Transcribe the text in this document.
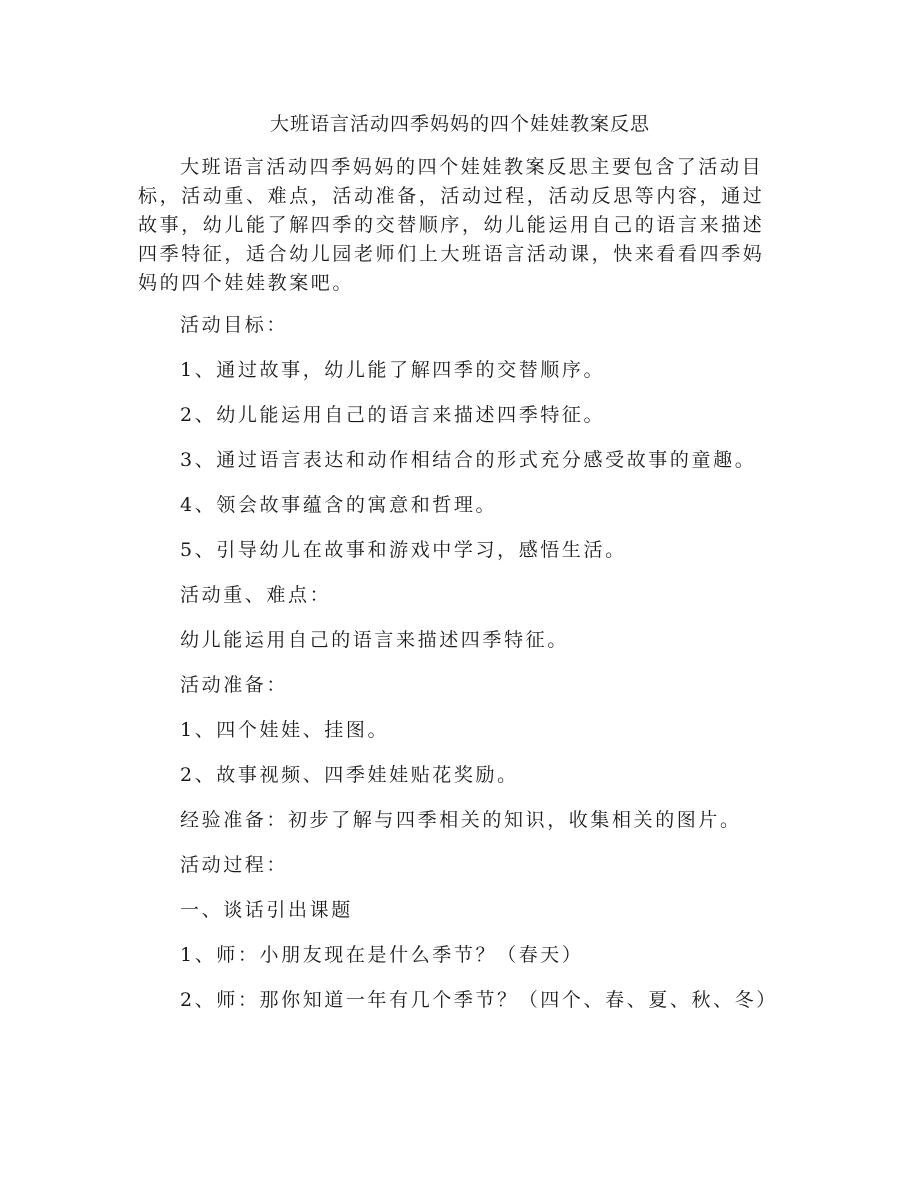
大班语言活动四季妈妈的四个娃娃教案反思

大班语言活动四季妈妈的四个娃娃教案反思主要包含了活动目标，活动重、难点，活动准备，活动过程，活动反思等内容，通过故事，幼儿能了解四季的交替顺序，幼儿能运用自己的语言来描述四季特征，适合幼儿园老师们上大班语言活动课，快来看看四季妈妈的四个娃娃教案吧。

活动目标：

1、通过故事，幼儿能了解四季的交替顺序。

2、幼儿能运用自己的语言来描述四季特征。

3、通过语言表达和动作相结合的形式充分感受故事的童趣。

4、领会故事蕴含的寓意和哲理。

5、引导幼儿在故事和游戏中学习，感悟生活。

活动重、难点：

幼儿能运用自己的语言来描述四季特征。

活动准备：

1、四个娃娃、挂图。

2、故事视频、四季娃娃贴花奖励。

经验准备：初步了解与四季相关的知识，收集相关的图片。

活动过程：

一、谈话引出课题

1、师：小朋友现在是什么季节？（春天）

2、师：那你知道一年有几个季节？（四个、春、夏、秋、冬）
